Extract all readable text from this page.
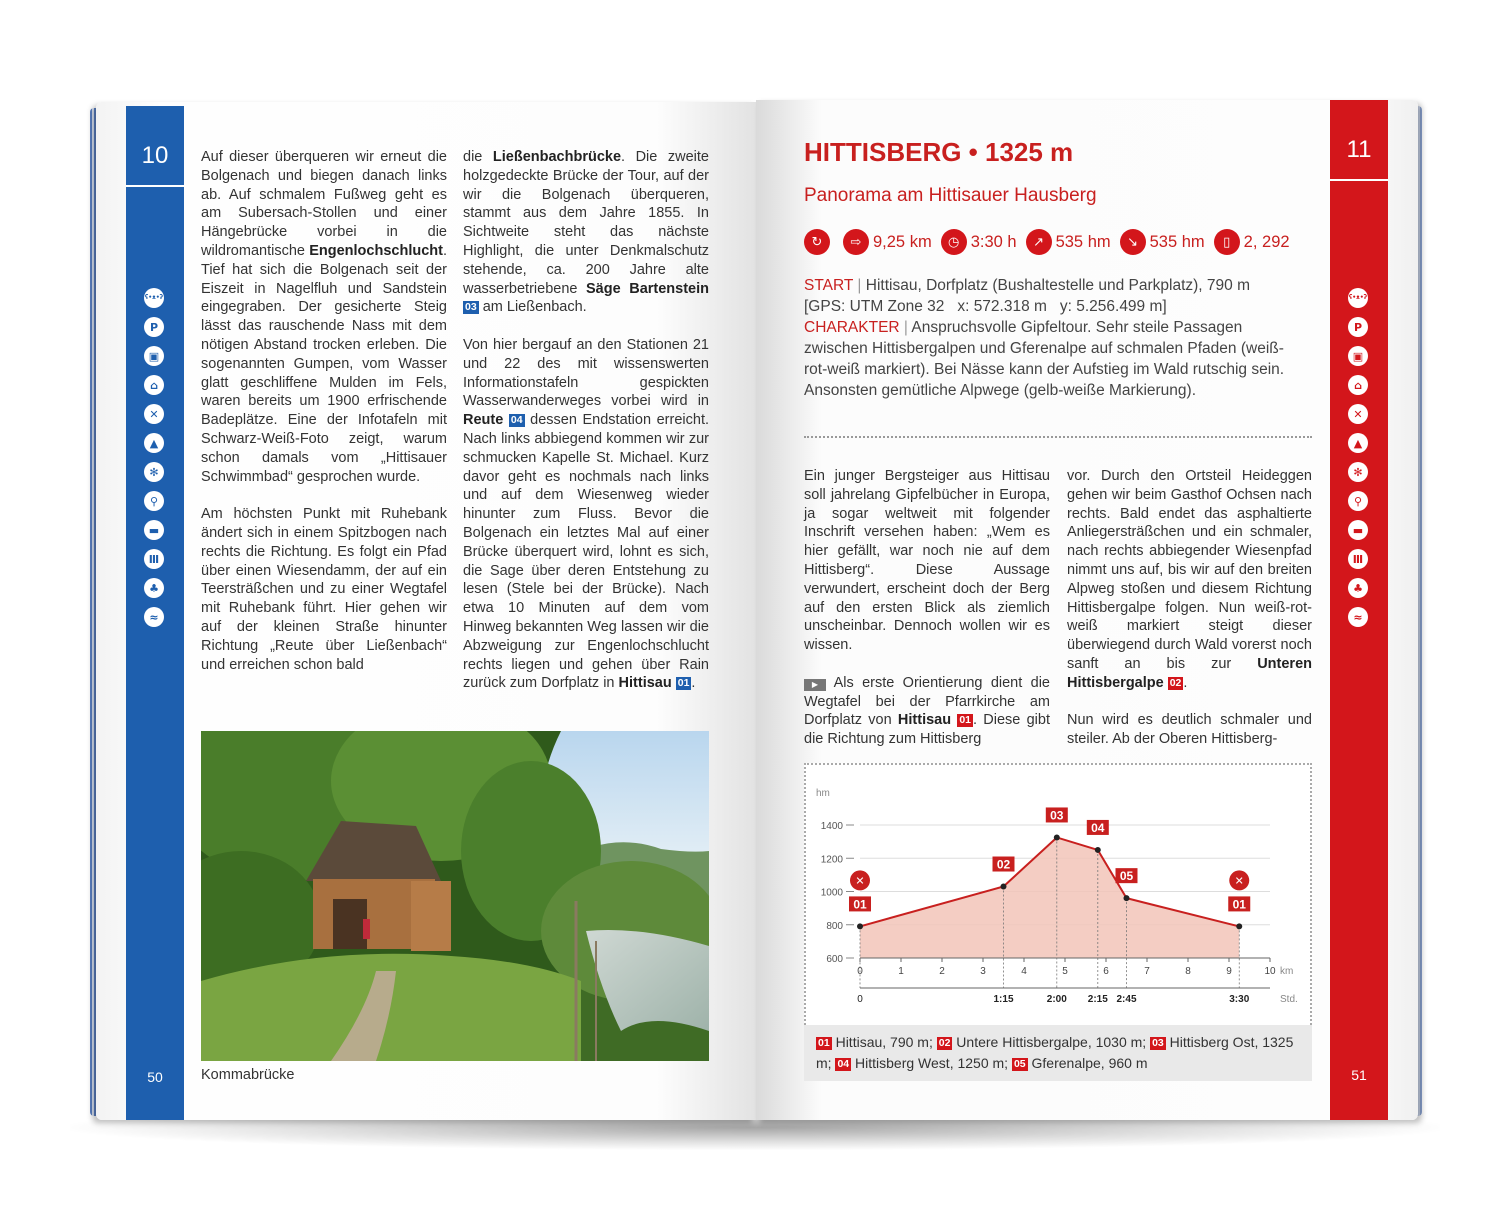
10
ʕ•ᴥ•ʔ
P
▣
⌂
✕
▲
✻
⚲
▬
Ⅲ
♣
≈
50

Auf dieser überqueren wir erneut die Bolgenach und biegen danach links ab. Auf schmalem Fußweg geht es am Subersach-Stollen und einer Hängebrücke vorbei in die wildromantische Engenlochschlucht. Tief hat sich die Bolgenach seit der Eiszeit in Nagelfluh und Sandstein eingegraben. Der gesicherte Steig lässt das rauschende Nass mit dem nötigen Abstand trocken erleben. Die sogenannten Gumpen, vom Wasser glatt geschliffene Mulden im Fels, waren bereits um 1900 erfrischende Badeplätze. Eine der Infotafeln mit Schwarz-Weiß-Foto zeigt, warum schon damals vom „Hittisauer Schwimmbad“ gesprochen wurde.

Am höchsten Punkt mit Ruhebank ändert sich in einem Spitzbogen nach rechts die Richtung. Es folgt ein Pfad über einen Wiesendamm, der auf ein Teersträßchen und zu einer Wegtafel mit Ruhebank führt. Hier gehen wir auf der kleinen Straße hinunter Richtung „Reute über Ließenbach“ und erreichen schon bald

die Ließenbachbrücke. Die zweite holzgedeckte Brücke der Tour, auf der wir die Bolgenach überqueren, stammt aus dem Jahre 1855. In Sichtweite steht das nächste Highlight, die unter Denkmalschutz stehende, ca. 200 Jahre alte wasserbetriebene Säge Bartenstein 03 am Ließenbach.

Von hier bergauf an den Stationen 21 und 22 des mit wissenswerten Informationstafeln gespickten Wasserwanderweges vorbei wird in Reute 04 dessen Endstation erreicht. Nach links abbiegend kommen wir zur schmucken Kapelle St. Michael. Kurz davor geht es nochmals nach links und auf dem Wiesenweg wieder hinunter zum Fluss. Bevor die Bolgenach ein letztes Mal auf einer Brücke überquert wird, lohnt es sich, die Sage über deren Entstehung zu lesen (Stele bei der Brücke). Nach etwa 10 Minuten auf dem vom Hinweg bekannten Weg lassen wir die Abzweigung zur Engenlochschlucht rechts liegen und gehen über Rain zurück zum Dorfplatz in Hittisau 01 .

Kommabrücke
11
ʕ•ᴥ•ʔ
P
▣
⌂
✕
▲
✻
⚲
▬
Ⅲ
♣
≈
51
HITTISBERG • 1325 m
Panorama am Hittisauer Hausberg
↻	⇨ 9,25 km	◷ 3:30 h	↗ 535 hm	↘ 535 hm	▯ 2, 292
START | Hittisau, Dorfplatz (Bushaltestelle und Parkplatz), 790 m
[GPS: UTM Zone 32   x: 572.318 m   y: 5.256.499 m]
CHARAKTER | Anspruchsvolle Gipfeltour. Sehr steile Passagen zwischen Hittisbergalpen und Gferenalpe auf schmalen Pfaden (weiß-rot-weiß markiert). Bei Nässe kann der Aufstieg im Wald rutschig sein. Ansonsten gemütliche Alpwege (gelb-weiße Markierung).

Ein junger Bergsteiger aus Hittisau soll jahrelang Gipfelbücher in Europa, ja sogar weltweit mit folgender Inschrift versehen haben: „Wem es hier gefällt, war noch nie auf dem Hittisberg“. Diese Aussage verwundert, erscheint doch der Berg auf den ersten Blick als ziemlich unscheinbar. Dennoch wollen wir es wissen.

▶ Als erste Orientierung dient die Wegtafel bei der Pfarrkirche am Dorfplatz von Hittisau 01 . Diese gibt die Richtung zum Hittisberg

vor. Durch den Ortsteil Heideggen gehen wir beim Gasthof Ochsen nach rechts. Bald endet das asphaltierte Anliegersträßchen und ein schmaler, nach rechts abbiegender Wiesenpfad nimmt uns auf, bis wir auf den breiten Alpweg stoßen und diesem Richtung Hittisbergalpe folgen. Nun weiß-rot-weiß markiert steigt dieser überwiegend durch Wald vorerst noch sanft an bis zur Unteren Hittisbergalpe 02 .

Nun wird es deutlich schmaler und steiler. Ab der Oberen Hittisberg-

hm
600
800
1000
1200
1400
0	1	2	3	4	5	6	7	8	9	10 km
0	1:15	2:00 2:15 2:45	3:30	Std.
01
02
03
04
05
01
✕	✕
01 Hittisau, 790 m; 02 Untere Hittisbergalpe, 1030 m; 03 Hittisberg Ost, 1325 m; 04 Hittisberg West, 1250 m; 05 Gferenalpe, 960 m
